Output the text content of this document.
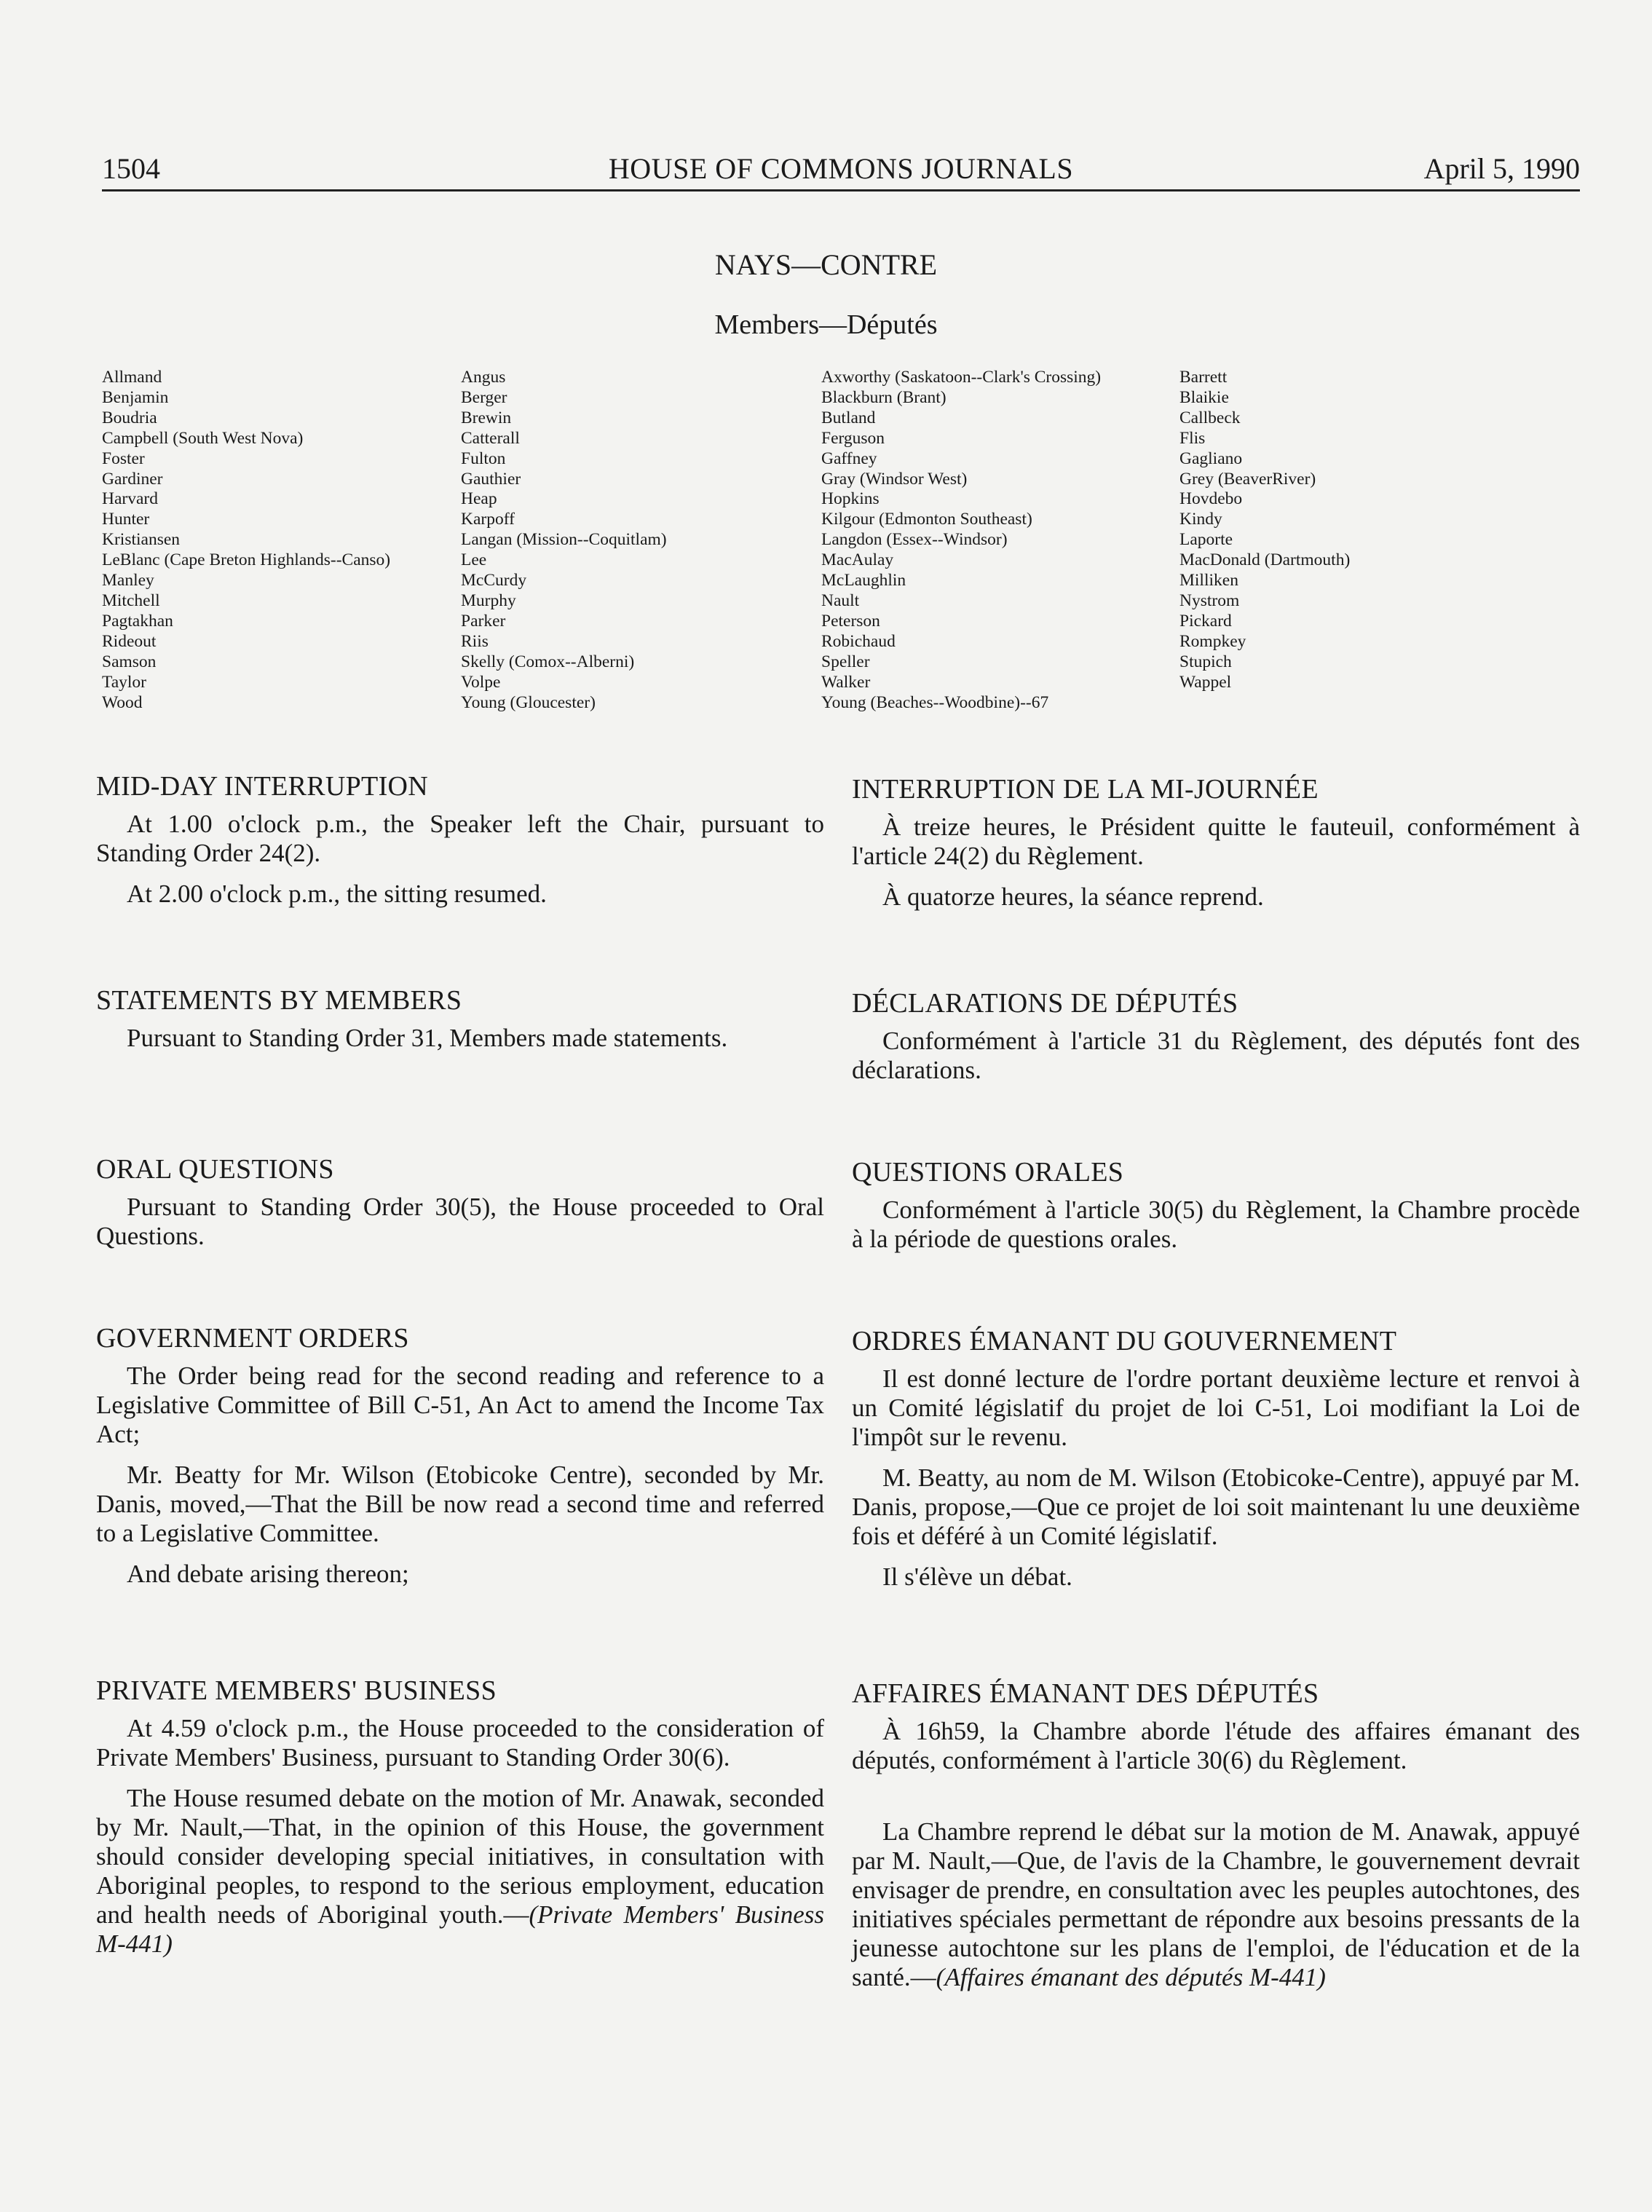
1504	HOUSE OF COMMONS JOURNALS	April 5, 1990
NAYS—CONTRE
Members—Députés
Allmand
Benjamin
Boudria
Campbell (South West Nova)
Foster
Gardiner
Harvard
Hunter
Kristiansen
LeBlanc (Cape Breton Highlands--Canso)
Manley
Mitchell
Pagtakhan
Rideout
Samson
Taylor
Wood
Angus
Berger
Brewin
Catterall
Fulton
Gauthier
Heap
Karpoff
Langan (Mission--Coquitlam)
Lee
McCurdy
Murphy
Parker
Riis
Skelly (Comox--Alberni)
Volpe
Young (Gloucester)
Axworthy (Saskatoon--Clark's Crossing)
Blackburn (Brant)
Butland
Ferguson
Gaffney
Gray (Windsor West)
Hopkins
Kilgour (Edmonton Southeast)
Langdon (Essex--Windsor)
MacAulay
McLaughlin
Nault
Peterson
Robichaud
Speller
Walker
Young (Beaches--Woodbine)--67
Barrett
Blaikie
Callbeck
Flis
Gagliano
Grey (BeaverRiver)
Hovdebo
Kindy
Laporte
MacDonald (Dartmouth)
Milliken
Nystrom
Pickard
Rompkey
Stupich
Wappel
MID-DAY INTERRUPTION

At 1.00 o'clock p.m., the Speaker left the Chair, pursuant to Standing Order 24(2).

At 2.00 o'clock p.m., the sitting resumed.

INTERRUPTION DE LA MI-JOURNÉE

À treize heures, le Président quitte le fauteuil, conformément à l'article 24(2) du Règlement.

À quatorze heures, la séance reprend.

STATEMENTS BY MEMBERS

Pursuant to Standing Order 31, Members made statements.

DÉCLARATIONS DE DÉPUTÉS

Conformément à l'article 31 du Règlement, des députés font des déclarations.

ORAL QUESTIONS

Pursuant to Standing Order 30(5), the House proceeded to Oral Questions.

QUESTIONS ORALES

Conformément à l'article 30(5) du Règlement, la Chambre procède à la période de questions orales.

GOVERNMENT ORDERS

The Order being read for the second reading and reference to a Legislative Committee of Bill C-51, An Act to amend the Income Tax Act;

Mr. Beatty for Mr. Wilson (Etobicoke Centre), seconded by Mr. Danis, moved,—That the Bill be now read a second time and referred to a Legislative Committee.

And debate arising thereon;

ORDRES ÉMANANT DU GOUVERNEMENT

Il est donné lecture de l'ordre portant deuxième lecture et renvoi à un Comité législatif du projet de loi C-51, Loi modifiant la Loi de l'impôt sur le revenu.

M. Beatty, au nom de M. Wilson (Etobicoke-Centre), appuyé par M. Danis, propose,—Que ce projet de loi soit maintenant lu une deuxième fois et déféré à un Comité législatif.

Il s'élève un débat.

PRIVATE MEMBERS' BUSINESS

At 4.59 o'clock p.m., the House proceeded to the consideration of Private Members' Business, pursuant to Standing Order 30(6).

The House resumed debate on the motion of Mr. Anawak, seconded by Mr. Nault,—That, in the opinion of this House, the government should consider developing special initiatives, in consultation with Aboriginal peoples, to respond to the serious employment, education and health needs of Aboriginal youth.—(Private Members' Business M-441)

AFFAIRES ÉMANANT DES DÉPUTÉS

À 16h59, la Chambre aborde l'étude des affaires émanant des députés, conformément à l'article 30(6) du Règlement.

La Chambre reprend le débat sur la motion de M. Anawak, appuyé par M. Nault,—Que, de l'avis de la Chambre, le gouvernement devrait envisager de prendre, en consultation avec les peuples autochtones, des initiatives spéciales permettant de répondre aux besoins pressants de la jeunesse autochtone sur les plans de l'emploi, de l'éducation et de la santé.—(Affaires émanant des députés M-441)
